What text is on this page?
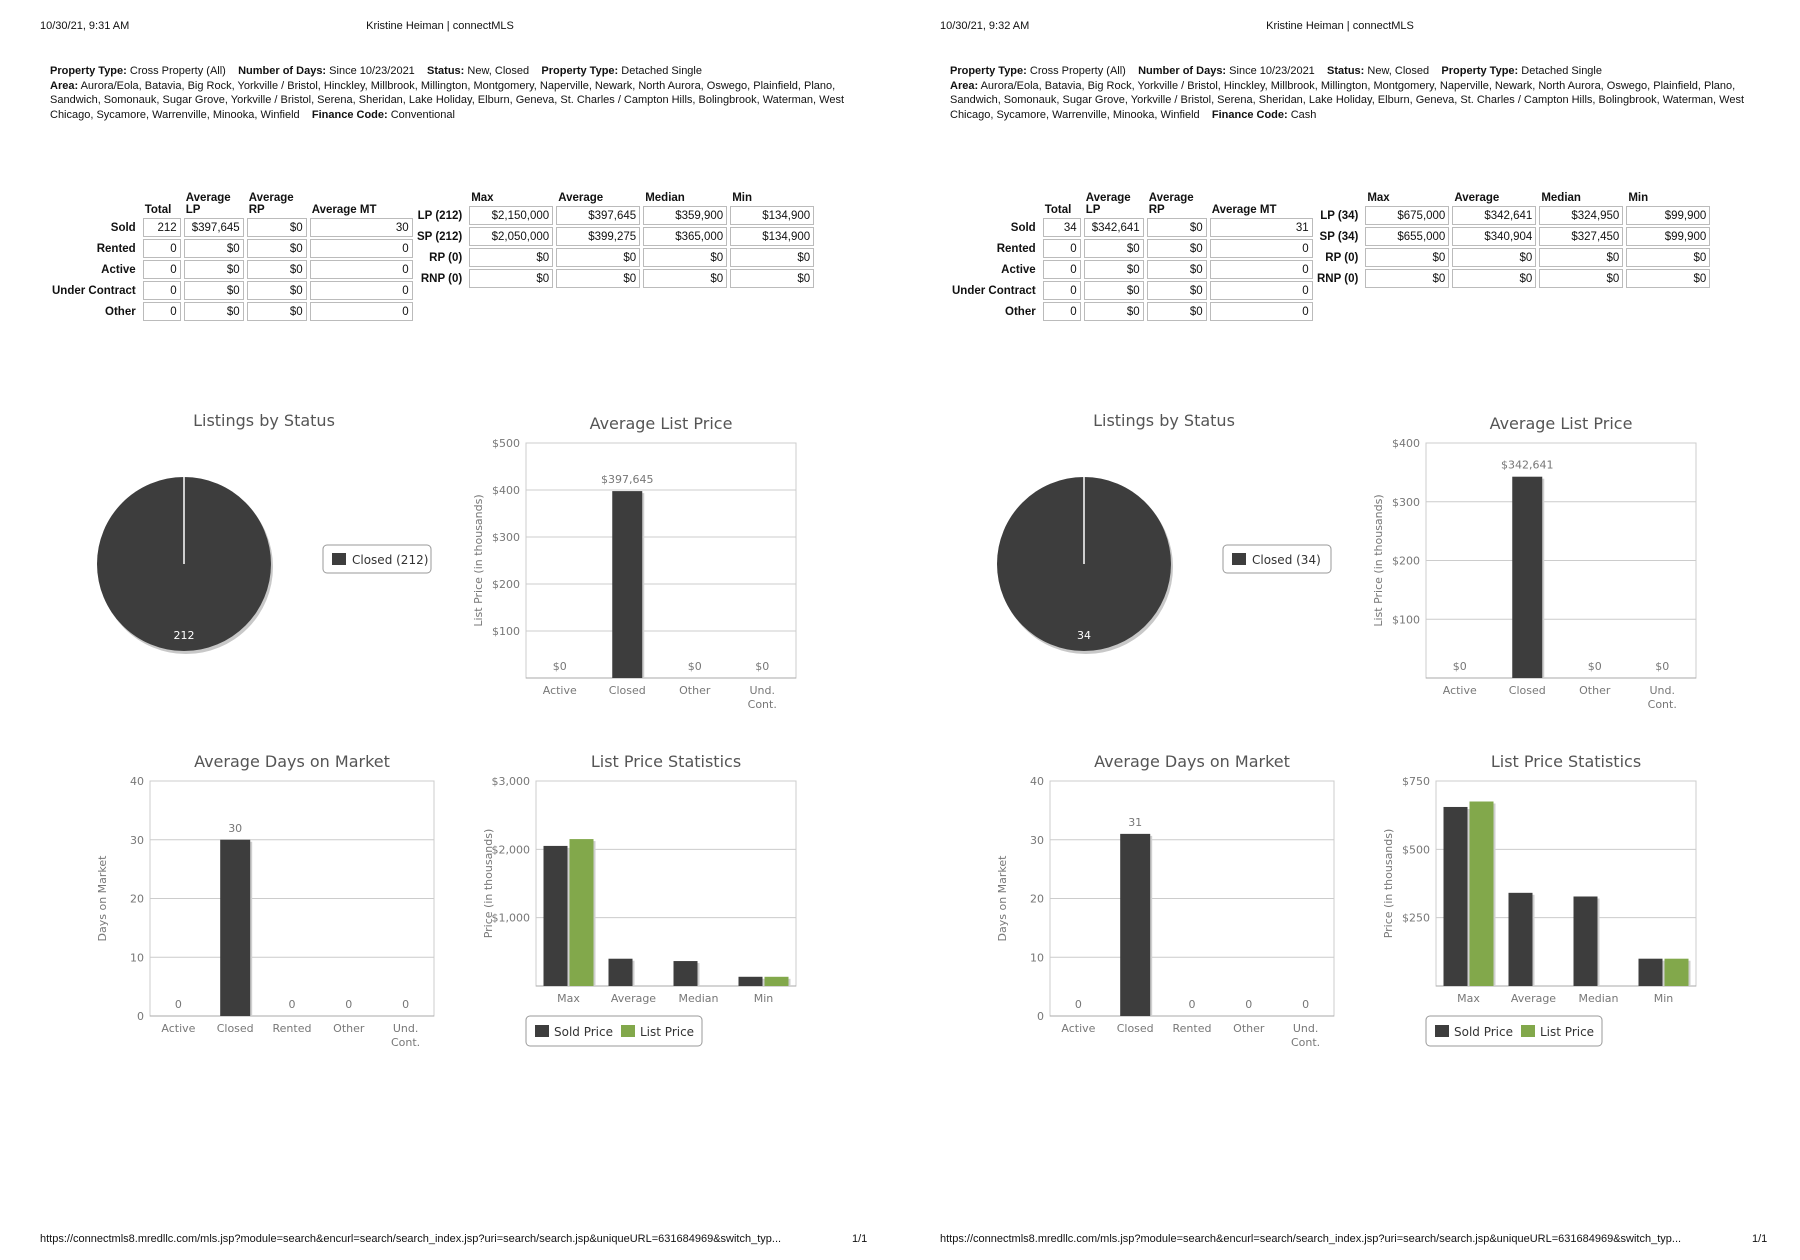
10/30/21, 9:31 AM	Kristine Heiman | connectMLS
Property Type: Cross Property (All) Number of Days: Since 10/23/2021 Status: New, Closed Property Type: Detached Single
Area: Aurora/Eola, Batavia, Big Rock, Yorkville / Bristol, Hinckley, Millbrook, Millington, Montgomery, Naperville, Newark, North Aurora, Oswego, Plainfield, Plano, Sandwich, Somonauk, Sugar Grove, Yorkville / Bristol, Serena, Sheridan, Lake Holiday, Elburn, Geneva, St. Charles / Campton Hills, Bolingbrook, Waterman, West Chicago, Sycamore, Warrenville, Minooka, Winfield Finance Code: Conventional
	Total	Average LP	Average RP	Average MT
Sold	212	$397,645	$0	30
Rented	0	$0	$0	0
Active	0	$0	$0	0
Under Contract	0	$0	$0	0
Other	0	$0	$0	0
	Max	Average	Median	Min
LP (212)	$2,150,000	$397,645	$359,900	$134,900
SP (212)	$2,050,000	$399,275	$365,000	$134,900
RP (0)	$0	$0	$0	$0
RNP (0)	$0	$0	$0	$0
Listings by Status
212
Closed (212)
Average List Price
$100
$200
$300
$400
$500
List Price (in thousands)
$0
Active
$397,645
Closed
$0
Other
$0
Und.
Cont.
Average Days on Market
0
10
20
30
40
Days on Market
0
Active
30
Closed
0
Rented
0
Other
0
Und.
Cont.
List Price Statistics
$1,000
$2,000
$3,000
Price (in thousands)
Max	Average Median	Min
Sold Price List Price
https://connectmls8.mredllc.com/mls.jsp?module=search&encurl=search/search_index.jsp?uri=search/search.jsp&uniqueURL=631684969&switch_typ...	1/1
10/30/21, 9:32 AM	Kristine Heiman | connectMLS
Property Type: Cross Property (All) Number of Days: Since 10/23/2021 Status: New, Closed Property Type: Detached Single
Area: Aurora/Eola, Batavia, Big Rock, Yorkville / Bristol, Hinckley, Millbrook, Millington, Montgomery, Naperville, Newark, North Aurora, Oswego, Plainfield, Plano, Sandwich, Somonauk, Sugar Grove, Yorkville / Bristol, Serena, Sheridan, Lake Holiday, Elburn, Geneva, St. Charles / Campton Hills, Bolingbrook, Waterman, West Chicago, Sycamore, Warrenville, Minooka, Winfield Finance Code: Cash
	Total	Average LP	Average RP	Average MT
Sold	34	$342,641	$0	31
Rented	0	$0	$0	0
Active	0	$0	$0	0
Under Contract	0	$0	$0	0
Other	0	$0	$0	0
	Max	Average	Median	Min
LP (34)	$675,000	$342,641	$324,950	$99,900
SP (34)	$655,000	$340,904	$327,450	$99,900
RP (0)	$0	$0	$0	$0
RNP (0)	$0	$0	$0	$0
Listings by Status
34
Closed (34)
Average List Price
$100
$200
$300
$400
List Price (in thousands)
$0
Active
$342,641
Closed
$0
Other
$0
Und.
Cont.
Average Days on Market
0
10
20
30
40
Days on Market
0
Active
31
Closed
0
Rented
0
Other
0
Und.
Cont.
List Price Statistics
$250
$500
$750
Price (in thousands)
Max	Average Median	Min
Sold Price List Price
https://connectmls8.mredllc.com/mls.jsp?module=search&encurl=search/search_index.jsp?uri=search/search.jsp&uniqueURL=631684969&switch_typ...	1/1
